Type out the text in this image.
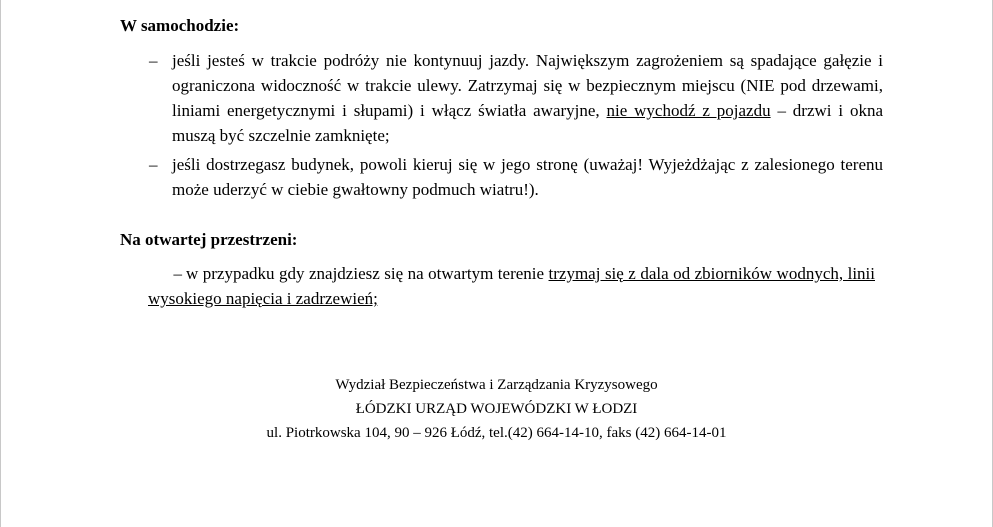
W samochodzie:
– jeśli jesteś w trakcie podróży nie kontynuuj jazdy. Największym zagrożeniem są spadające gałęzie i ograniczona widoczność w trakcie ulewy. Zatrzymaj się w bezpiecznym miejscu (NIE pod drzewami, liniami energetycznymi i słupami) i włącz światła awaryjne, nie wychodź z pojazdu – drzwi i okna muszą być szczelnie zamknięte;
– jeśli dostrzegasz budynek, powoli kieruj się w jego stronę (uważaj! Wyjeżdżając z zalesionego terenu może uderzyć w ciebie gwałtowny podmuch wiatru!).
Na otwartej przestrzeni:
– w przypadku gdy znajdziesz się na otwartym terenie trzymaj się z dala od zbiorników wodnych, linii wysokiego napięcia i zadrzewień;
Wydział Bezpieczeństwa i Zarządzania Kryzysowego
ŁÓDZKI URZĄD WOJEWÓDZKI W ŁODZI
ul. Piotrkowska 104, 90 – 926 Łódź, tel.(42) 664-14-10, faks (42) 664-14-01
